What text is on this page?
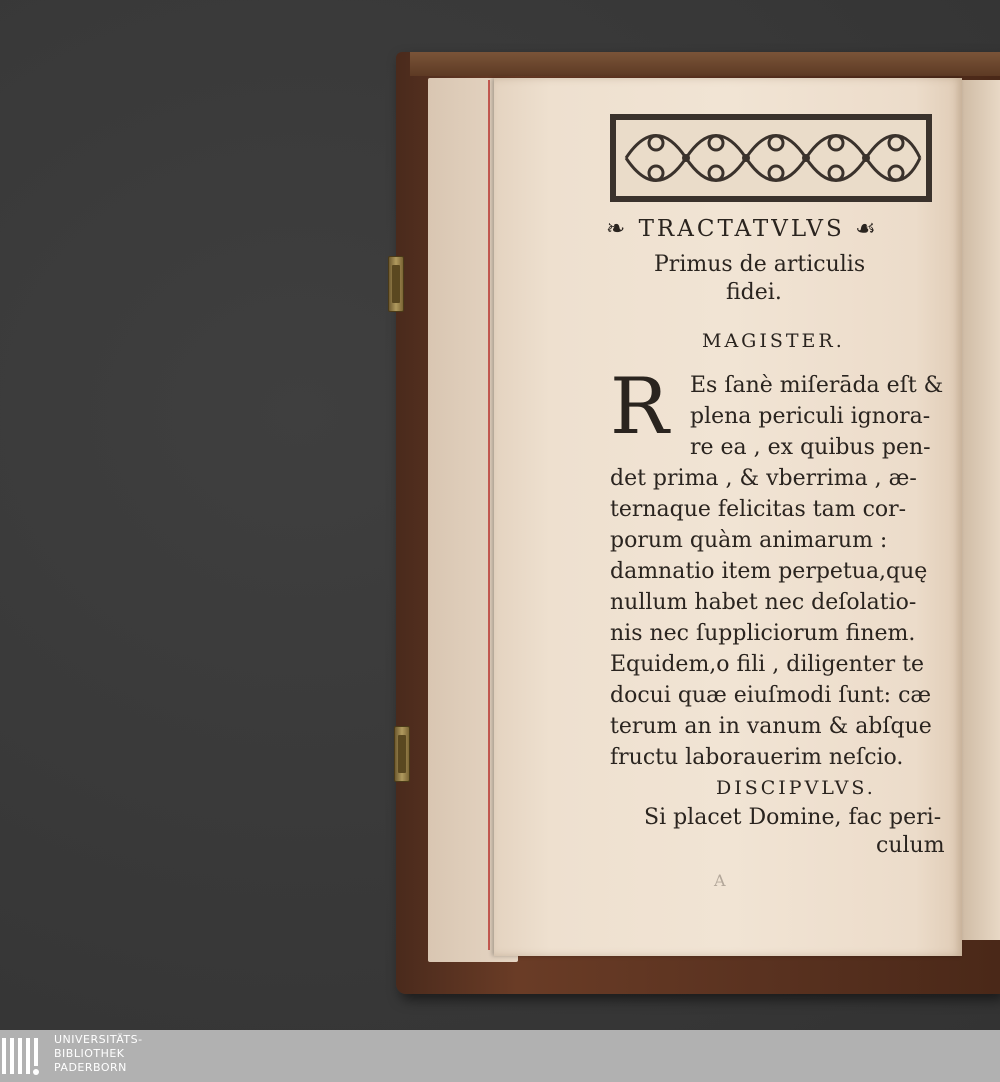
❧ TRACTATVLVS ☙
Primus de articulis
fidei.
MAGISTER.
R Es ſanè miſerāda eſt &
plena periculi ignora-
re ea , ex quibus pen-
det prima , & vberrima , æ-
ternaque felicitas tam cor-
porum quàm animarum :
damnatio item perpetua,quę
nullum habet nec deſolatio-
nis nec ſuppliciorum finem.
Equidem,o fili , diligenter te
docui quæ eiuſmodi ſunt: cæ
terum an in vanum & abſque
fructu laborauerim neſcio.
DISCIPVLVS.
Si placet Domine, fac peri-
culum
A
UNIVERSITÄTS-
BIBLIOTHEK
PADERBORN
